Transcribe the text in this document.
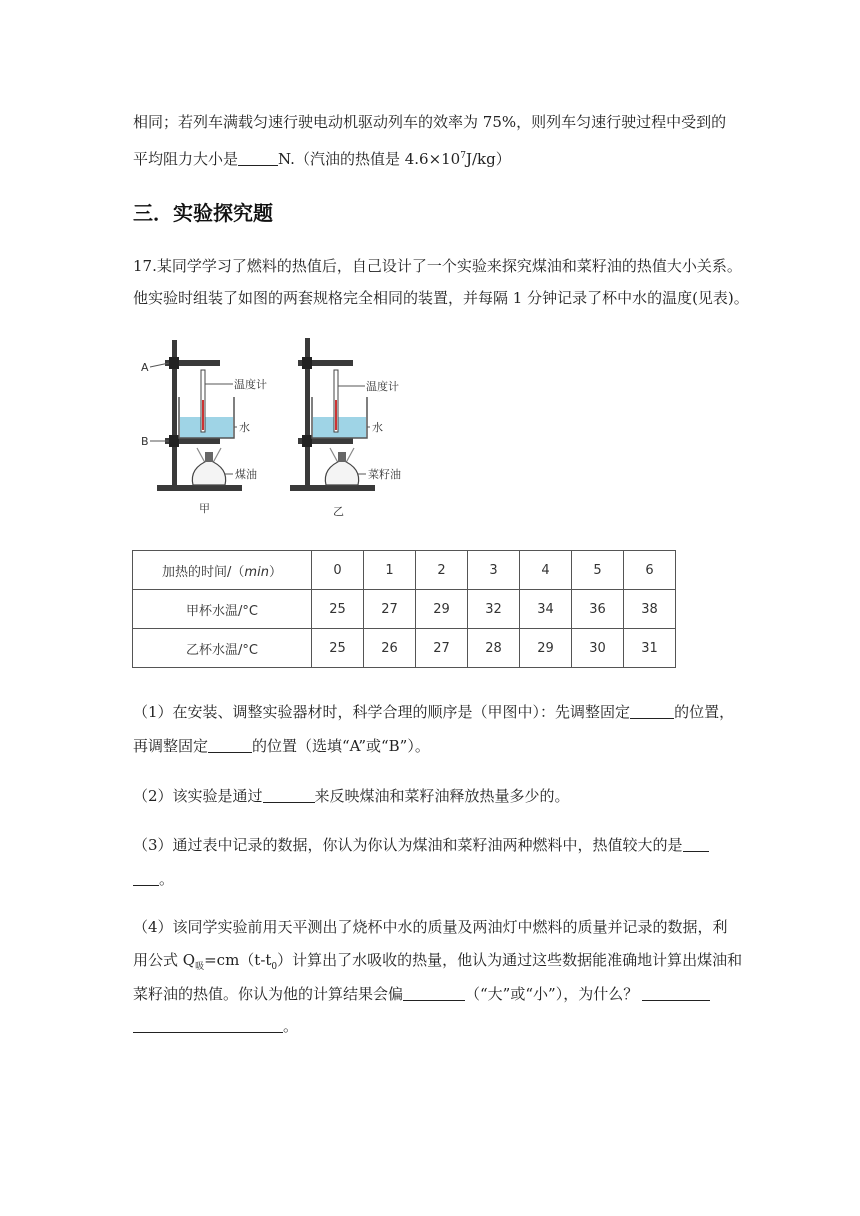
相同；若列车满载匀速行驶电动机驱动列车的效率为 75%，则列车匀速行驶过程中受到的
平均阻力大小是	N.（汽油的热值是 $4.6\times 10^7J/kg$）
三．实验探究题
17.某同学学习了燃料的热值后，自己设计了一个实验来探究煤油和菜籽油的热值大小关系。
他实验时组装了如图的两套规格完全相同的装置，并每隔 1 分钟记录了杯中水的温度(见表)。
A
B
温度计
水
煤油
甲
温度计
水
菜籽油
乙
加热的时间/（min）	0	1	2	3	4	5	6
甲杯水温/°C	25	27	29	32	34	36	38
乙杯水温/°C	25	26	27	28	29	30	31
（1）在安装、调整实验器材时，科学合理的顺序是（甲图中）：先调整固定	的位置，
再调整固定	的位置（选填“A”或“B”）。
（2）该实验是通过	来反映煤油和菜籽油释放热量多少的。
（3）通过表中记录的数据，你认为你认为煤油和菜籽油两种燃料中，热值较大的是
。
（4）该同学实验前用天平测出了烧杯中水的质量及两油灯中燃料的质量并记录的数据，利
用公式 $Q_吸=cm(t-t_0)$计算出了水吸收的热量，他认为通过这些数据能准确地计算出煤油和
菜籽油的热值。你认为他的计算结果会偏	（“大”或“小”），为什么？
。
